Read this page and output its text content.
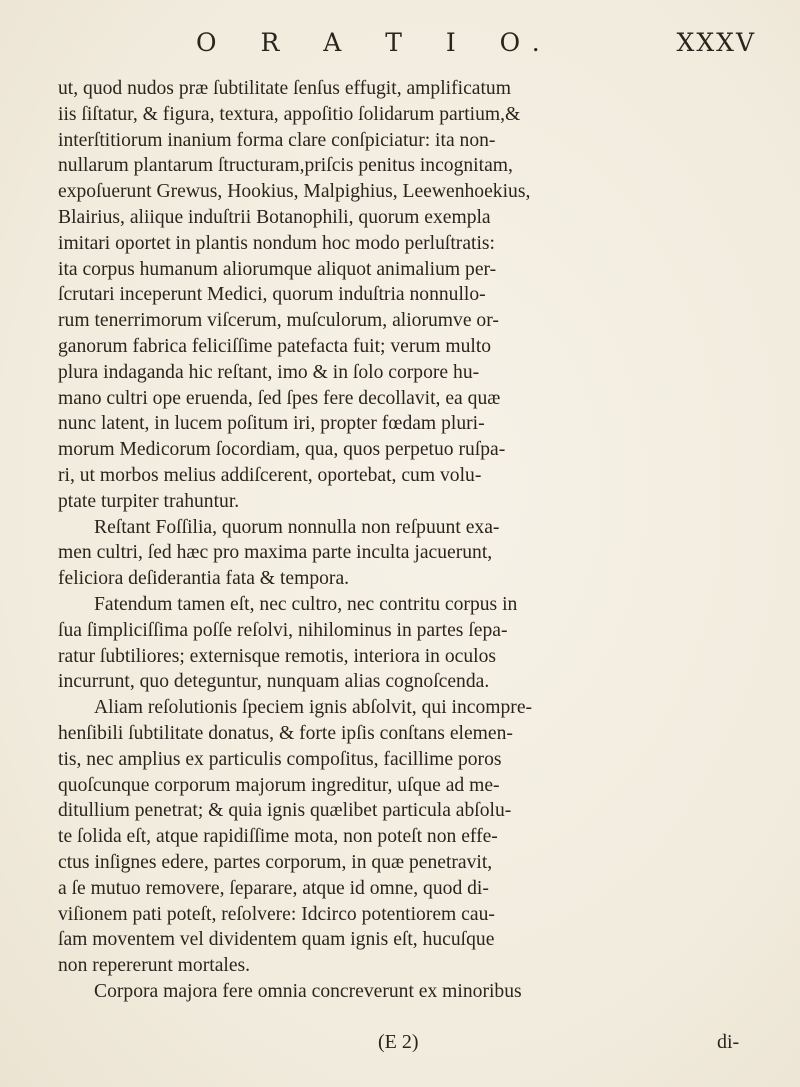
O R A T I O.	XXXV
ut, quod nudos præ ſubtilitate ſenſus effugit, amplificatum
iis ſiſtatur, & figura, textura, appoſitio ſolidarum partium,&
interſtitiorum inanium forma clare conſpiciatur: ita non-
nullarum plantarum ſtructuram,priſcis penitus incognitam,
expoſuerunt Grewus, Hookius, Malpighius, Leewenhoekius,
Blairius, aliique induſtrii Botanophili, quorum exempla
imitari oportet in plantis nondum hoc modo perluſtratis:
ita corpus humanum aliorumque aliquot animalium per-
ſcrutari inceperunt Medici, quorum induſtria nonnullo-
rum tenerrimorum viſcerum, muſculorum, aliorumve or-
ganorum fabrica feliciſſime patefacta fuit; verum multo
plura indaganda hic reſtant, imo & in ſolo corpore hu-
mano cultri ope eruenda, ſed ſpes fere decollavit, ea quæ
nunc latent, in lucem poſitum iri, propter fœdam pluri-
morum Medicorum ſocordiam, qua, quos perpetuo ruſpa-
ri, ut morbos melius addiſcerent, oportebat, cum volu-
ptate turpiter trahuntur.
Reſtant Foſſilia, quorum nonnulla non reſpuunt exa-
men cultri, ſed hæc pro maxima parte inculta jacuerunt,
feliciora deſiderantia fata & tempora.
Fatendum tamen eſt, nec cultro, nec contritu corpus in
ſua ſimpliciſſima poſſe reſolvi, nihilominus in partes ſepa-
ratur ſubtiliores; externisque remotis, interiora in oculos
incurrunt, quo deteguntur, nunquam alias cognoſcenda.
Aliam reſolutionis ſpeciem ignis abſolvit, qui incompre-
henſibili ſubtilitate donatus, & forte ipſis conſtans elemen-
tis, nec amplius ex particulis compoſitus, facillime poros
quoſcunque corporum majorum ingreditur, uſque ad me-
ditullium penetrat; & quia ignis quælibet particula abſolu-
te ſolida eſt, atque rapidiſſime mota, non poteſt non effe-
ctus inſignes edere, partes corporum, in quæ penetravit,
a ſe mutuo removere, ſeparare, atque id omne, quod di-
viſionem pati poteſt, reſolvere: Idcirco potentiorem cau-
ſam moventem vel dividentem quam ignis eſt, hucuſque
non repererunt mortales.
Corpora majora fere omnia concreverunt ex minoribus
(E 2)	di-
